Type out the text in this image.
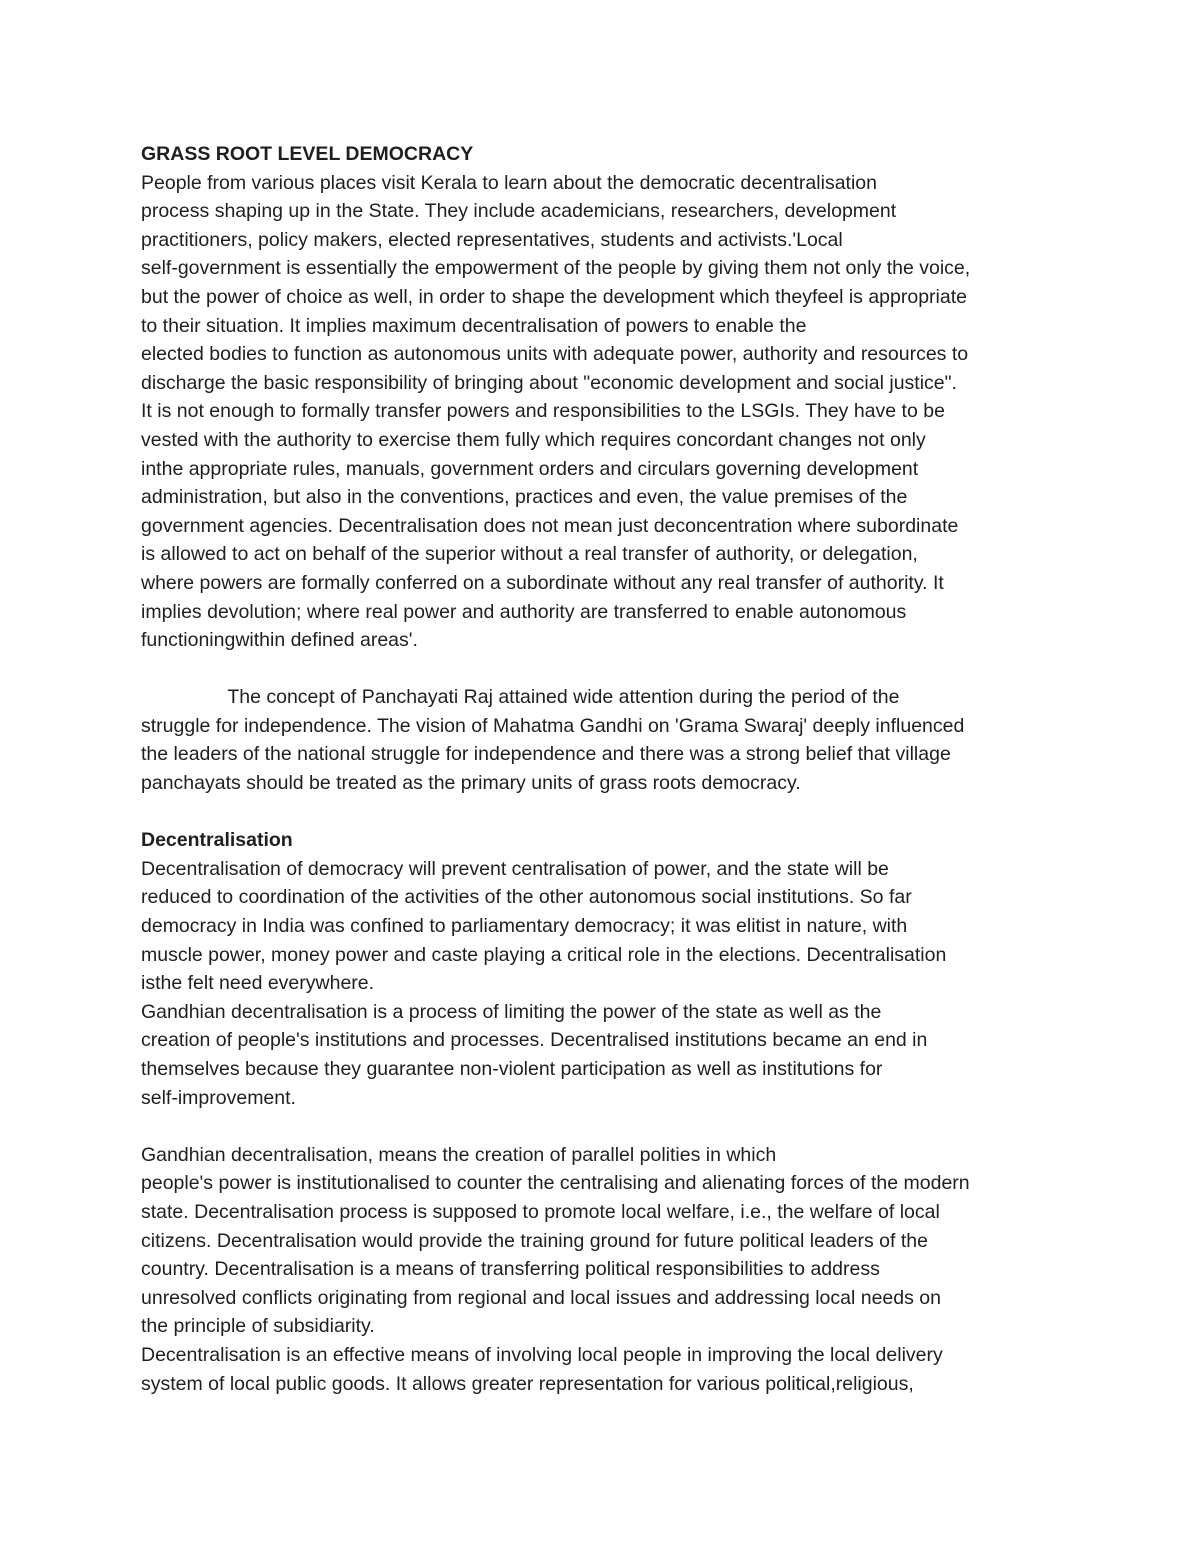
GRASS ROOT LEVEL DEMOCRACY
People from various places visit Kerala to learn about the democratic decentralisation
process shaping up in the State. They include academicians, researchers, development
practitioners, policy makers, elected representatives, students and activists.'Local
self-government is essentially the empowerment of the people by giving them not only the voice,
but the power of choice as well, in order to shape the development which theyfeel is appropriate
to their situation. It implies maximum decentralisation of powers to enable the
elected bodies to function as autonomous units with adequate power, authority and resources to
discharge the basic responsibility of bringing about "economic development and social justice".
It is not enough to formally transfer powers and responsibilities to the LSGIs. They have to be
vested with the authority to exercise them fully which requires concordant changes not only
inthe appropriate rules, manuals, government orders and circulars governing development
administration, but also in the conventions, practices and even, the value premises of the
government agencies. Decentralisation does not mean just deconcentration where subordinate
is allowed to act on behalf of the superior without a real transfer of authority, or delegation,
where powers are formally conferred on a subordinate without any real transfer of authority. It
implies devolution; where real power and authority are transferred to enable autonomous
functioningwithin defined areas'.
The concept of Panchayati Raj attained wide attention during the period of the
struggle for independence. The vision of Mahatma Gandhi on 'Grama Swaraj' deeply influenced
the leaders of the national struggle for independence and there was a strong belief that village
panchayats should be treated as the primary units of grass roots democracy.
Decentralisation
Decentralisation of democracy will prevent centralisation of power, and the state will be
reduced to coordination of the activities of the other autonomous social institutions. So far
democracy in India was confined to parliamentary democracy; it was elitist in nature, with
muscle power, money power and caste playing a critical role in the elections. Decentralisation
isthe felt need everywhere.
Gandhian decentralisation is a process of limiting the power of the state as well as the
creation of people's institutions and processes. Decentralised institutions became an end in
themselves because they guarantee non-violent participation as well as institutions for
self-improvement.
Gandhian decentralisation, means the creation of parallel polities in which
people's power is institutionalised to counter the centralising and alienating forces of the modern
state. Decentralisation process is supposed to promote local welfare, i.e., the welfare of local
citizens. Decentralisation would provide the training ground for future political leaders of the
country. Decentralisation is a means of transferring political responsibilities to address
unresolved conflicts originating from regional and local issues and addressing local needs on
the principle of subsidiarity.
Decentralisation is an effective means of involving local people in improving the local delivery
system of local public goods. It allows greater representation for various political,religious,
